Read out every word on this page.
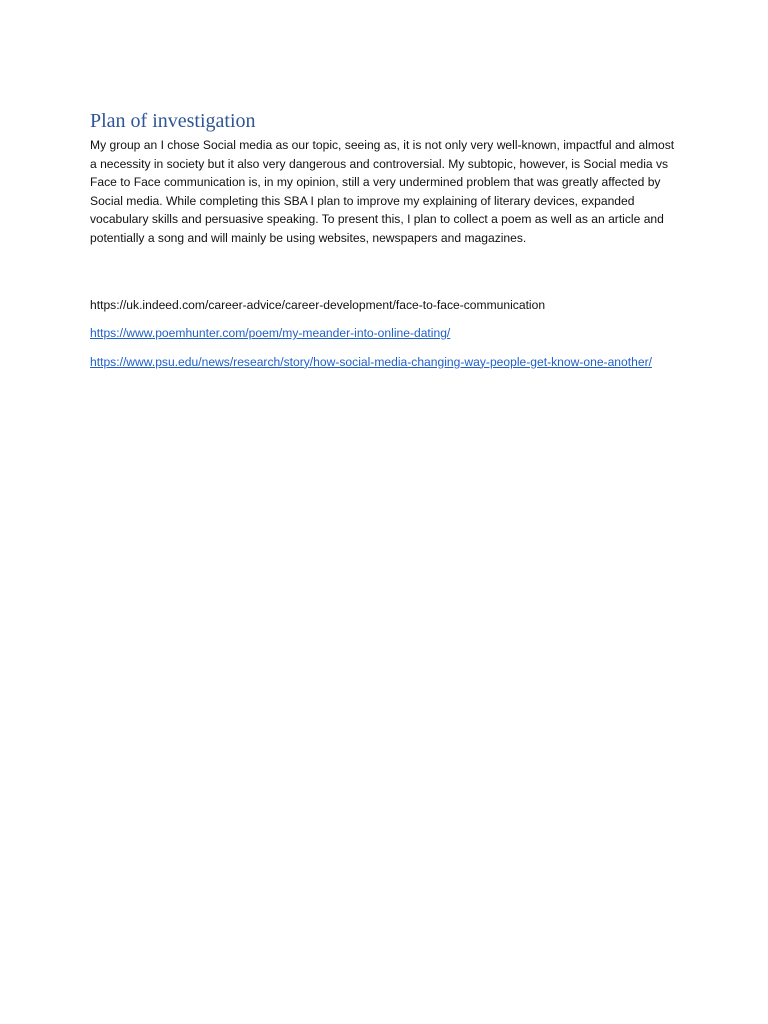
Plan of investigation

My group an I chose Social media as our topic, seeing as, it is not only very well-known, impactful and almost a necessity in society but it also very dangerous and controversial. My subtopic, however, is Social media vs Face to Face communication is, in my opinion, still a very undermined problem that was greatly affected by Social media. While completing this SBA I plan to improve my explaining of literary devices, expanded vocabulary skills and persuasive speaking. To present this, I plan to collect a poem as well as an article and potentially a song and will mainly be using websites, newspapers and magazines.

https://uk.indeed.com/career-advice/career-development/face-to-face-communication

https://www.poemhunter.com/poem/my-meander-into-online-dating/
https://www.psu.edu/news/research/story/how-social-media-changing-way-people-get-know-one-another/
